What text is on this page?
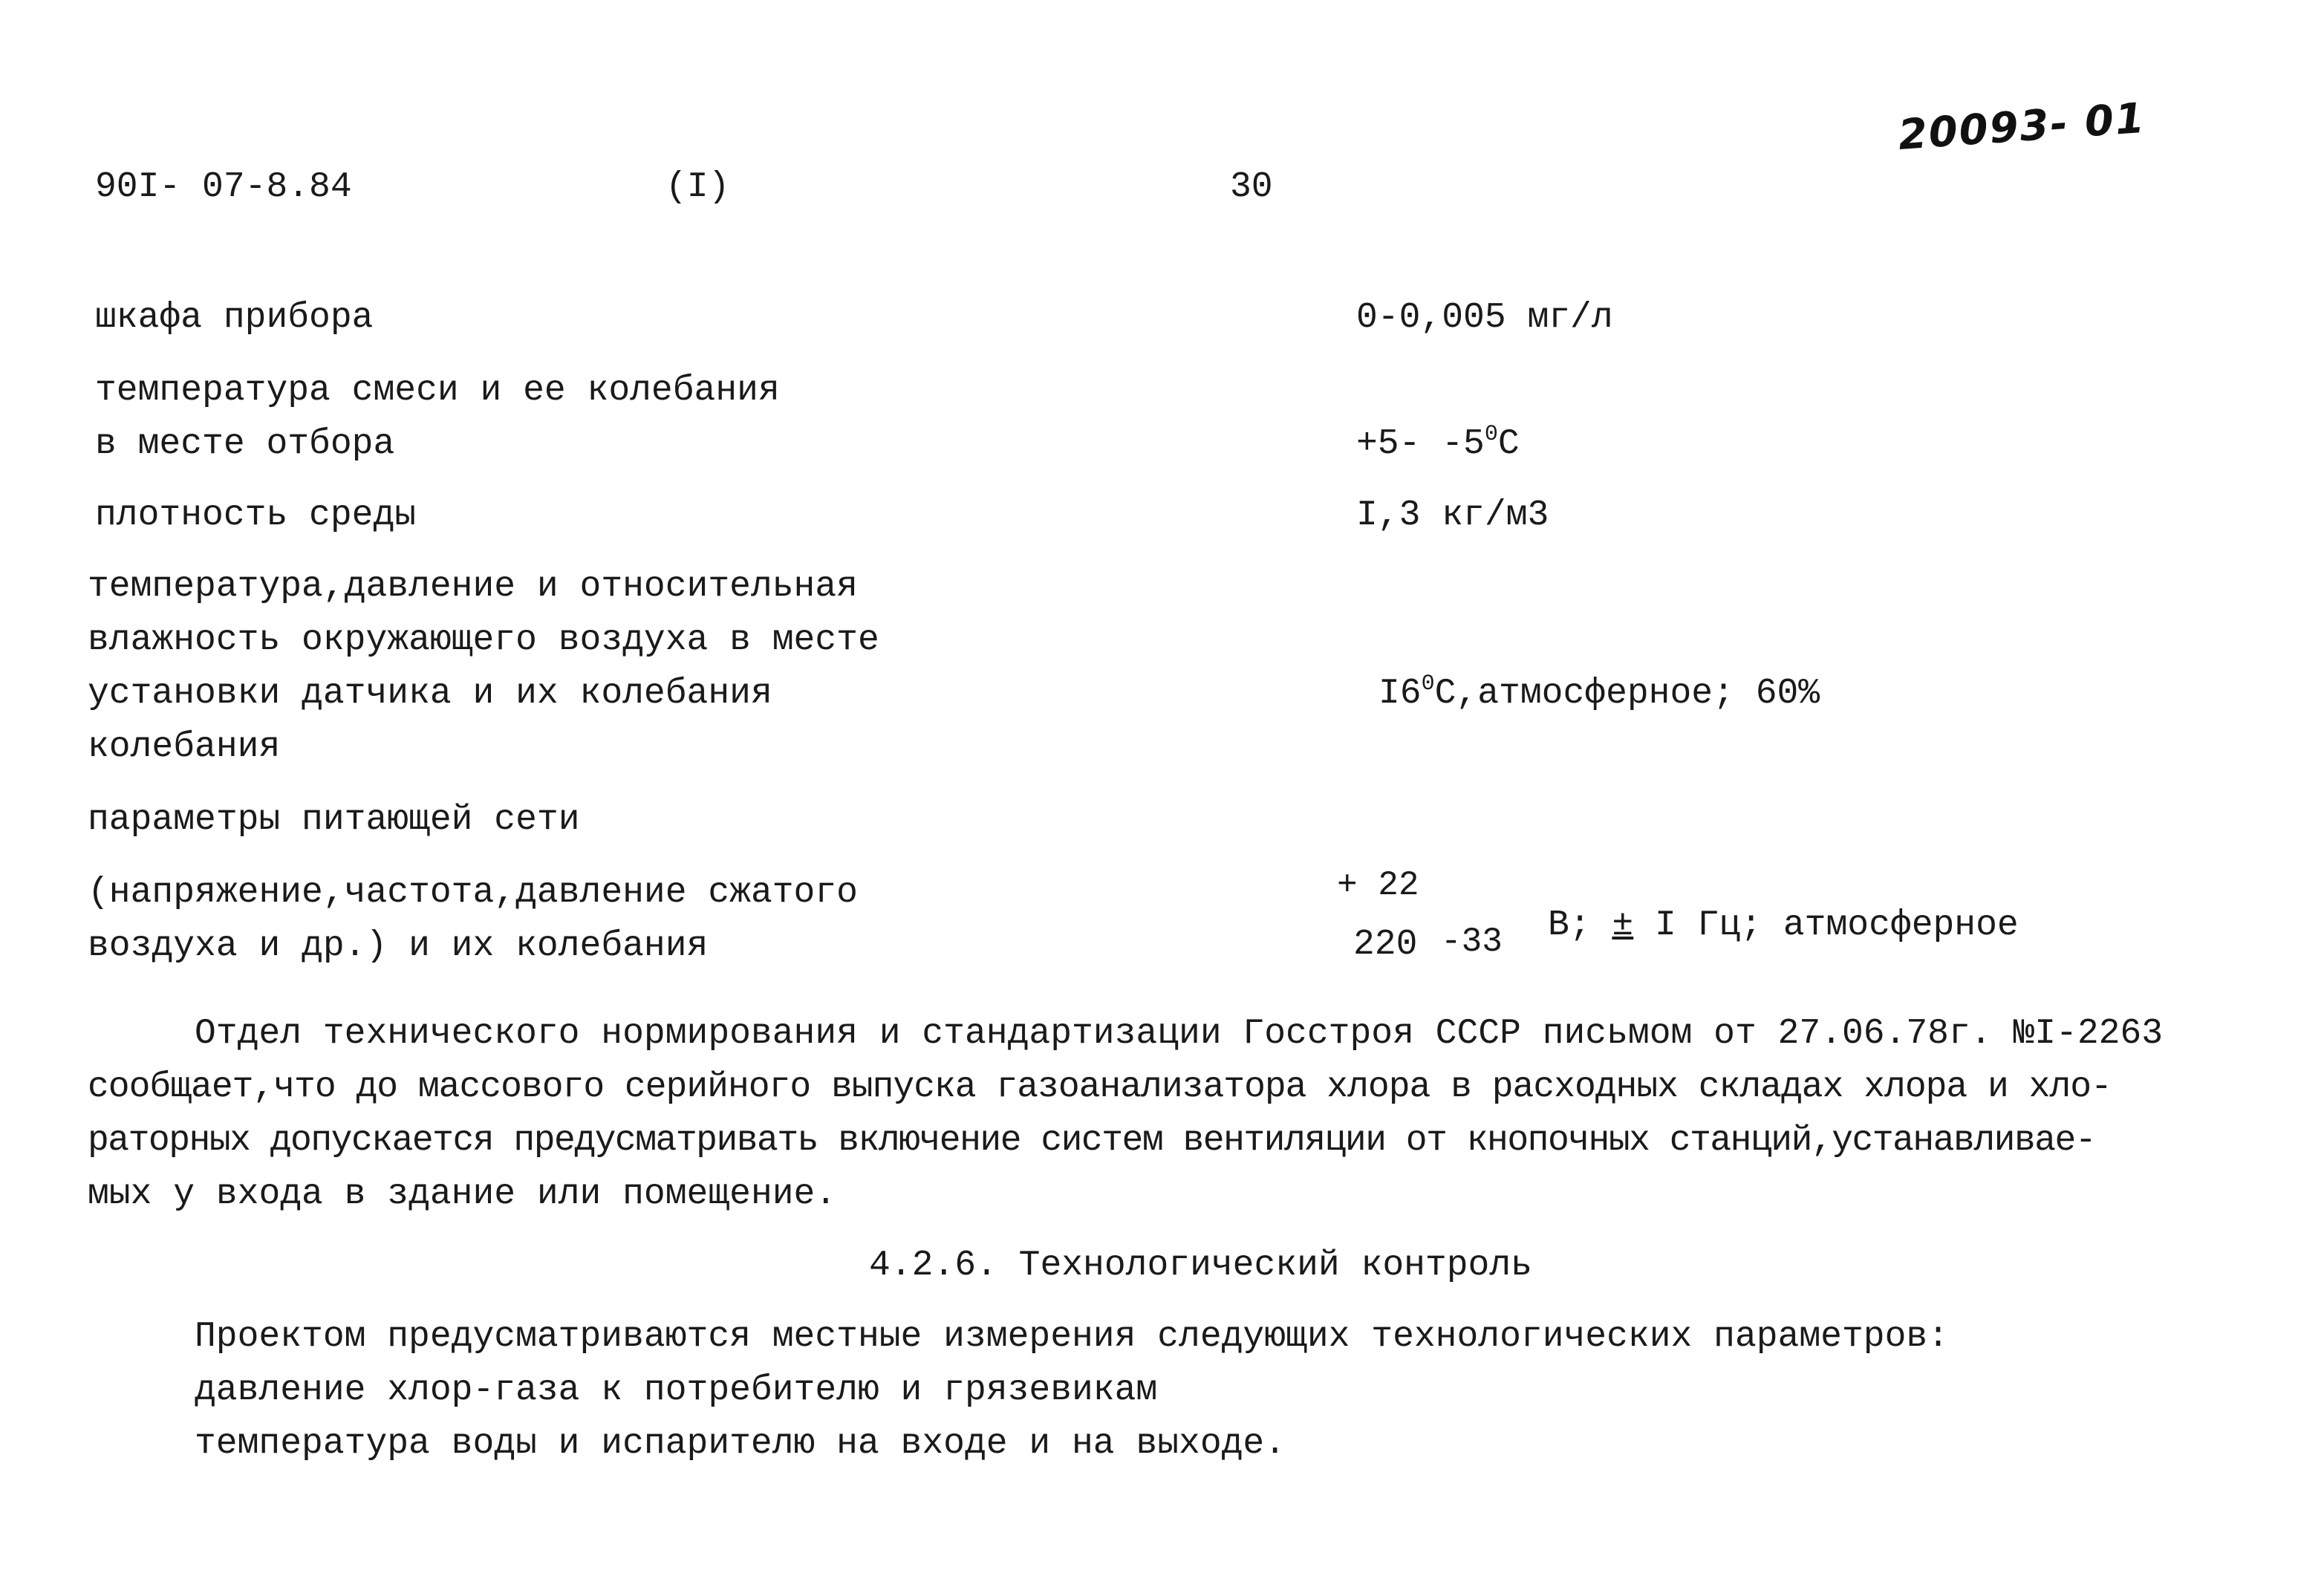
90I- 07-8.84	(I)	30
20093- 01
шкафа прибора
температура смеси и ее колебания
в месте отбора
плотность среды
температура,давление и относительная
влажность окружающего воздуха в месте
установки датчика и их колебания
колебания
параметры питающей сети
(напряжение,частота,давление сжатого
воздуха и др.) и их колебания
0-0,005 мг/л
+5- $-5^0C$
I,3 кг/м3
$I6^0C,атмосферное$; 60%
+ 22
220 -33 В; ± I Гц; атмосферное
Отдел технического нормирования и стандартизации Госстроя СССР письмом от 27.06.78г. №I-2263
сообщает,что до массового серийного выпуска газоанализатора хлора в расходных складах хлора и хло-
раторных допускается предусматривать включение систем вентиляции от кнопочных станций,устанавливае-
мых у входа в здание или помещение.
4.2.6. Технологический контроль
Проектом предусматриваются местные измерения следующих технологических параметров:
давление хлор-газа к потребителю и грязевикам
температура воды и испарителю на входе и на выходе.
